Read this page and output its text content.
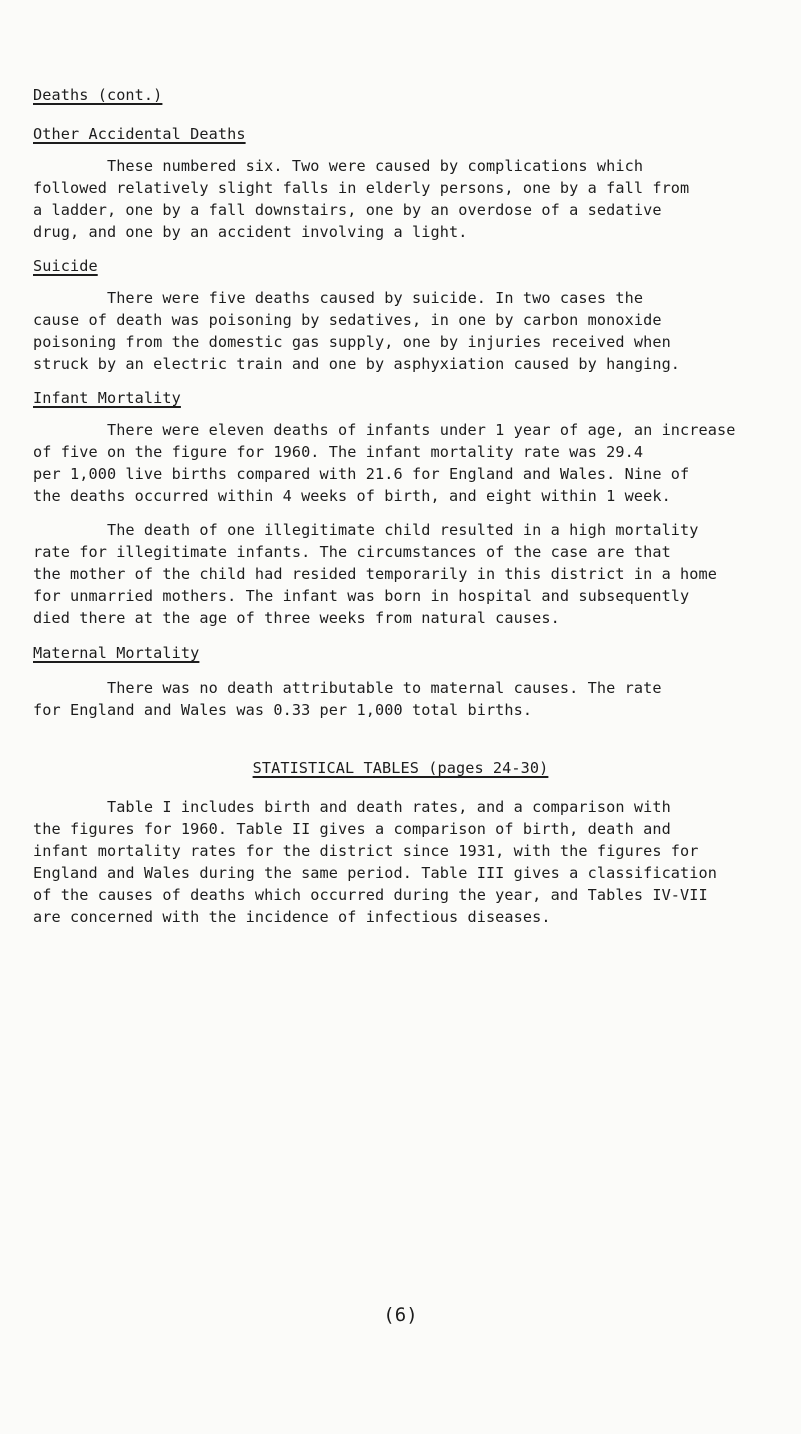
Deaths (cont.)
Other Accidental Deaths
These numbered six. Two were caused by complications which
followed relatively slight falls in elderly persons, one by a fall from
a ladder, one by a fall downstairs, one by an overdose of a sedative
drug, and one by an accident involving a light.
Suicide
There were five deaths caused by suicide. In two cases the
cause of death was poisoning by sedatives, in one by carbon monoxide
poisoning from the domestic gas supply, one by injuries received when
struck by an electric train and one by asphyxiation caused by hanging.
Infant Mortality
There were eleven deaths of infants under 1 year of age, an increase
of five on the figure for 1960. The infant mortality rate was 29.4
per 1,000 live births compared with 21.6 for England and Wales. Nine of
the deaths occurred within 4 weeks of birth, and eight within 1 week.
The death of one illegitimate child resulted in a high mortality
rate for illegitimate infants. The circumstances of the case are that
the mother of the child had resided temporarily in this district in a home
for unmarried mothers. The infant was born in hospital and subsequently
died there at the age of three weeks from natural causes.
Maternal Mortality
There was no death attributable to maternal causes. The rate
for England and Wales was 0.33 per 1,000 total births.
STATISTICAL TABLES (pages 24-30)
Table I includes birth and death rates, and a comparison with
the figures for 1960. Table II gives a comparison of birth, death and
infant mortality rates for the district since 1931, with the figures for
England and Wales during the same period. Table III gives a classification
of the causes of deaths which occurred during the year, and Tables IV-VII
are concerned with the incidence of infectious diseases.
(6)
